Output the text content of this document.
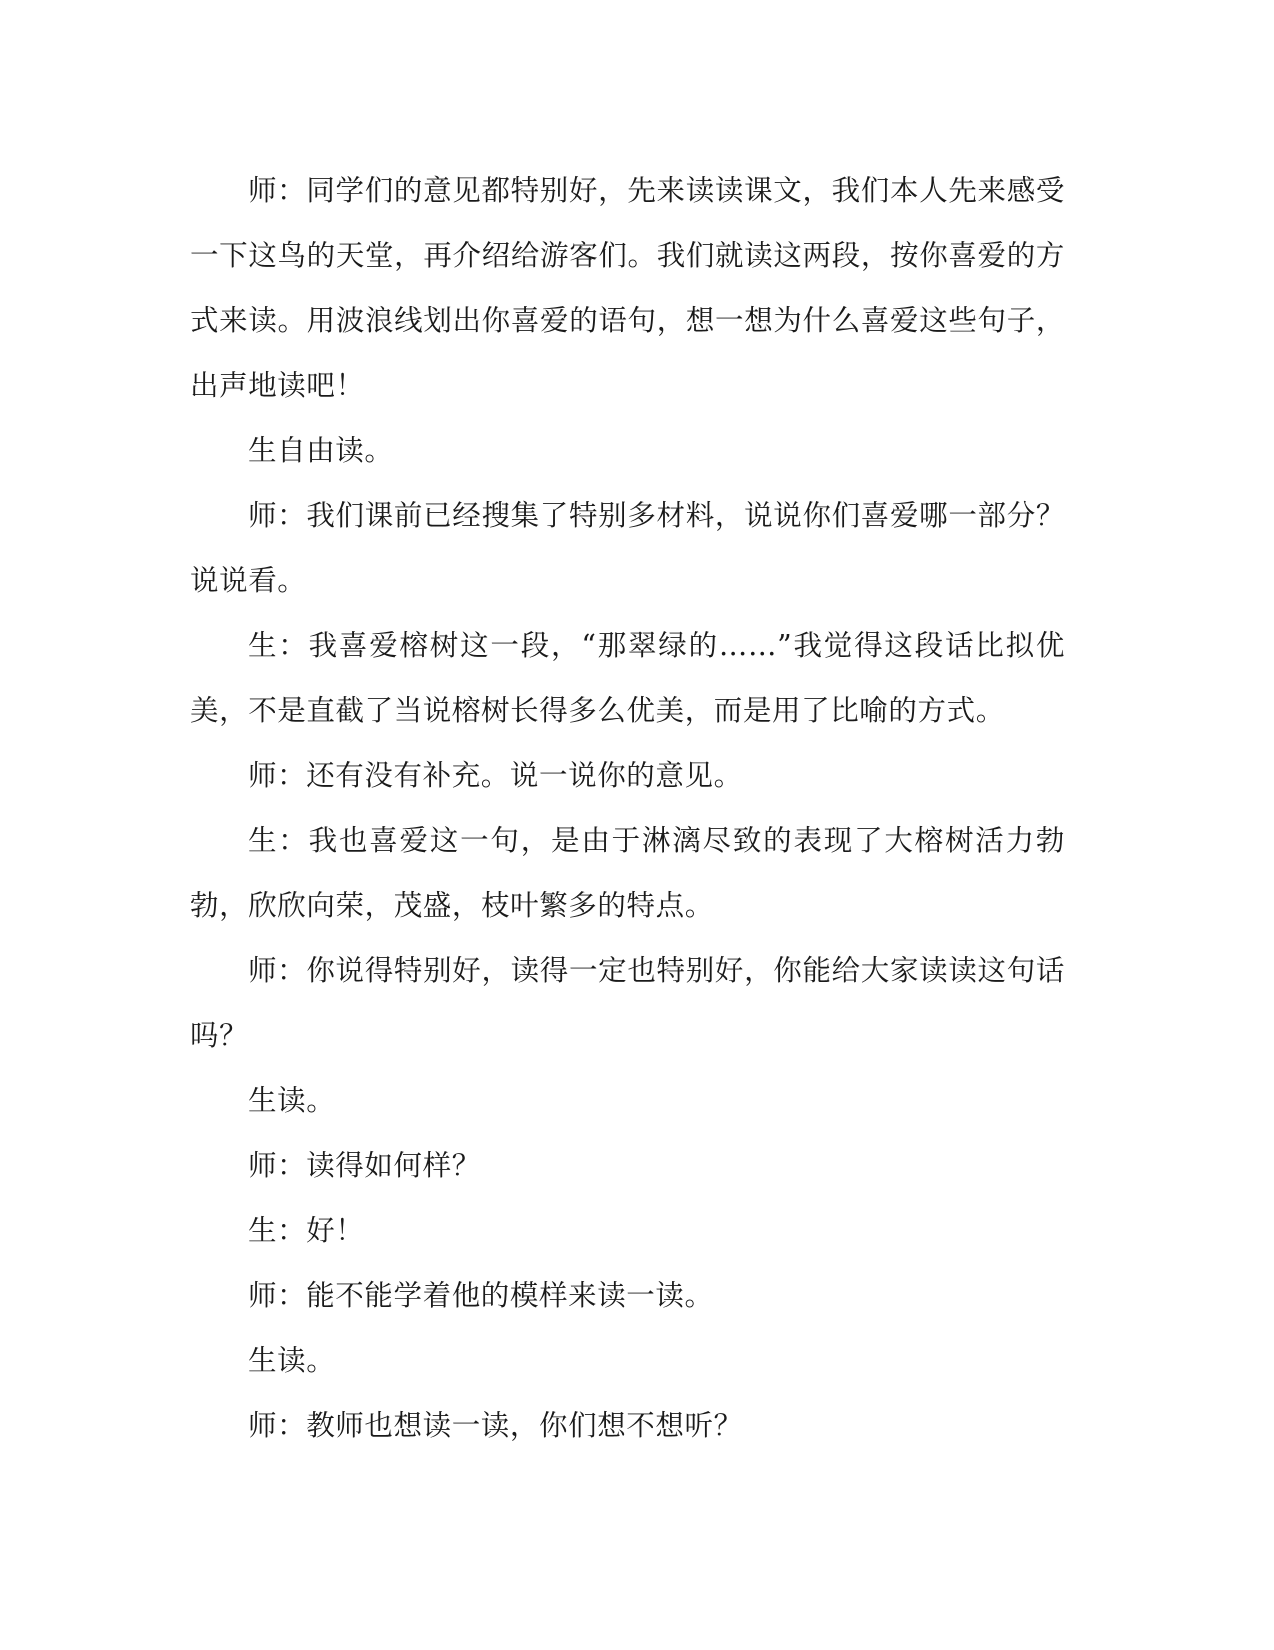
师：同学们的意见都特别好，先来读读课文，我们本人先来感受一下这鸟的天堂，再介绍给游客们。我们就读这两段，按你喜爱的方式来读。用波浪线划出你喜爱的语句，想一想为什么喜爱这些句子，出声地读吧！

生自由读。

师：我们课前已经搜集了特别多材料，说说你们喜爱哪一部分？说说看。

生：我喜爱榕树这一段，“那翠绿的……”我觉得这段话比拟优美，不是直截了当说榕树长得多么优美，而是用了比喻的方式。

师：还有没有补充。说一说你的意见。

生：我也喜爱这一句，是由于淋漓尽致的表现了大榕树活力勃勃，欣欣向荣，茂盛，枝叶繁多的特点。

师：你说得特别好，读得一定也特别好，你能给大家读读这句话吗？

生读。

师：读得如何样？

生：好！

师：能不能学着他的模样来读一读。

生读。

师：教师也想读一读，你们想不想听？
